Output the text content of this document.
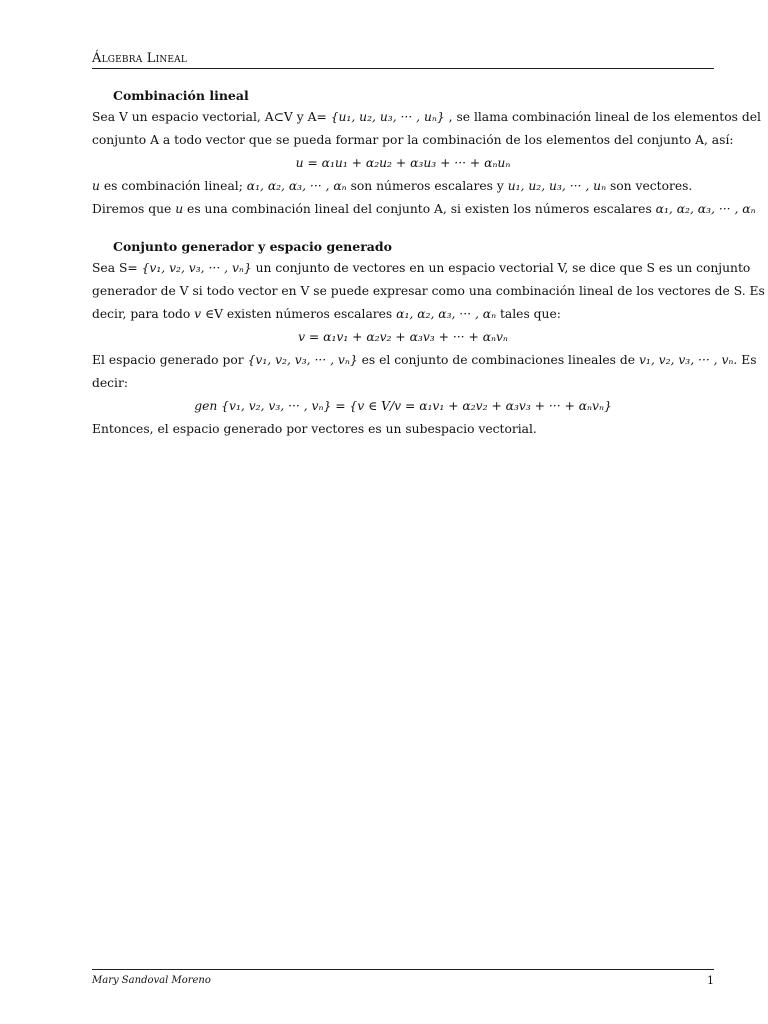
Álgebra Lineal
Combinación lineal
Sea V un espacio vectorial, A⊂V y A= {u₁, u₂, u₃, ··· , uₙ} , se llama combinación lineal de los elementos del
conjunto A a todo vector que se pueda formar por la combinación de los elementos del conjunto A, así:
u = α₁u₁ + α₂u₂ + α₃u₃ + ··· + αₙuₙ
u es combinación lineal; α₁, α₂, α₃, ··· , αₙ son números escalares y u₁, u₂, u₃, ··· , uₙ son vectores.
Diremos que u es una combinación lineal del conjunto A, si existen los números escalares α₁, α₂, α₃, ··· , αₙ
Conjunto generador y espacio generado
Sea S= {v₁, v₂, v₃, ··· , vₙ} un conjunto de vectores en un espacio vectorial V, se dice que S es un conjunto
generador de V si todo vector en V se puede expresar como una combinación lineal de los vectores de S. Es
decir, para todo v ∈V existen números escalares α₁, α₂, α₃, ··· , αₙ tales que:
v = α₁v₁ + α₂v₂ + α₃v₃ + ··· + αₙvₙ
El espacio generado por {v₁, v₂, v₃, ··· , vₙ} es el conjunto de combinaciones lineales de v₁, v₂, v₃, ··· , vₙ. Es
decir:
gen {v₁, v₂, v₃, ··· , vₙ} = {v ∈ V/v = α₁v₁ + α₂v₂ + α₃v₃ + ··· + αₙvₙ}
Entonces, el espacio generado por vectores es un subespacio vectorial.
Mary Sandoval Moreno	1
